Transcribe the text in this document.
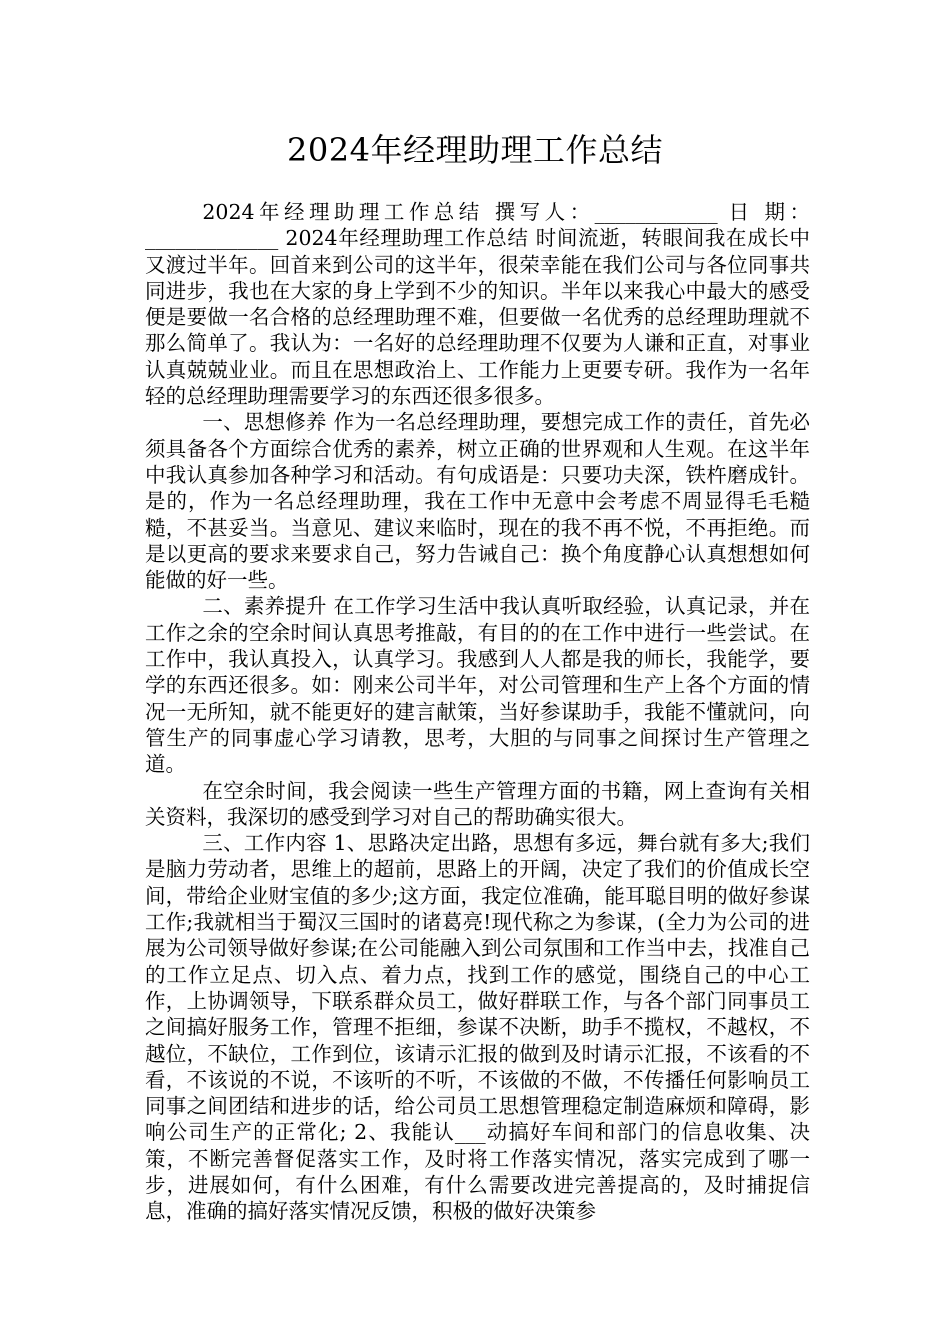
2024年经理助理工作总结

2024年经理助理工作总结 撰写人：____________ 日 期：_____________ 2024年经理助理工作总结 时间流逝，转眼间我在成长中又渡过半年。回首来到公司的这半年，很荣幸能在我们公司与各位同事共同进步，我也在大家的身上学到不少的知识。半年以来我心中最大的感受便是要做一名合格的总经理助理不难，但要做一名优秀的总经理助理就不那么简单了。我认为：一名好的总经理助理不仅要为人谦和正直，对事业认真兢兢业业。而且在思想政治上、工作能力上更要专研。我作为一名年轻的总经理助理需要学习的东西还很多很多。

一、思想修养 作为一名总经理助理，要想完成工作的责任，首先必须具备各个方面综合优秀的素养，树立正确的世界观和人生观。在这半年中我认真参加各种学习和活动。有句成语是：只要功夫深，铁杵磨成针。是的，作为一名总经理助理，我在工作中无意中会考虑不周显得毛毛糙糙，不甚妥当。当意见、建议来临时，现在的我不再不悦，不再拒绝。而是以更高的要求来要求自己，努力告诫自己：换个角度静心认真想想如何能做的好一些。

二、素养提升 在工作学习生活中我认真听取经验，认真记录，并在工作之余的空余时间认真思考推敲，有目的的在工作中进行一些尝试。在工作中，我认真投入，认真学习。我感到人人都是我的师长，我能学，要学的东西还很多。如：刚来公司半年，对公司管理和生产上各个方面的情况一无所知，就不能更好的建言献策，当好参谋助手，我能不懂就问，向管生产的同事虚心学习请教，思考，大胆的与同事之间探讨生产管理之道。

在空余时间，我会阅读一些生产管理方面的书籍，网上查询有关相关资料，我深切的感受到学习对自己的帮助确实很大。

三、工作内容 1、思路决定出路，思想有多远，舞台就有多大;我们是脑力劳动者，思维上的超前，思路上的开阔，决定了我们的价值成长空间，带给企业财宝值的多少;这方面，我定位准确，能耳聪目明的做好参谋工作;我就相当于蜀汉三国时的诸葛亮!现代称之为参谋，(全力为公司的进展为公司领导做好参谋;在公司能融入到公司氛围和工作当中去，找准自己的工作立足点、切入点、着力点，找到工作的感觉，围绕自己的中心工作，上协调领导，下联系群众员工，做好群联工作，与各个部门同事员工之间搞好服务工作，管理不拒细，参谋不决断，助手不揽权，不越权，不越位，不缺位，工作到位，该请示汇报的做到及时请示汇报，不该看的不看，不该说的不说，不该听的不听，不该做的不做，不传播任何影响员工同事之间团结和进步的话，给公司员工思想管理稳定制造麻烦和障碍，影响公司生产的正常化; 2、我能认___动搞好车间和部门的信息收集、决策，不断完善督促落实工作，及时将工作落实情况，落实完成到了哪一步，进展如何，有什么困难，有什么需要改进完善提高的，及时捕捉信息，准确的搞好落实情况反馈，积极的做好决策参
